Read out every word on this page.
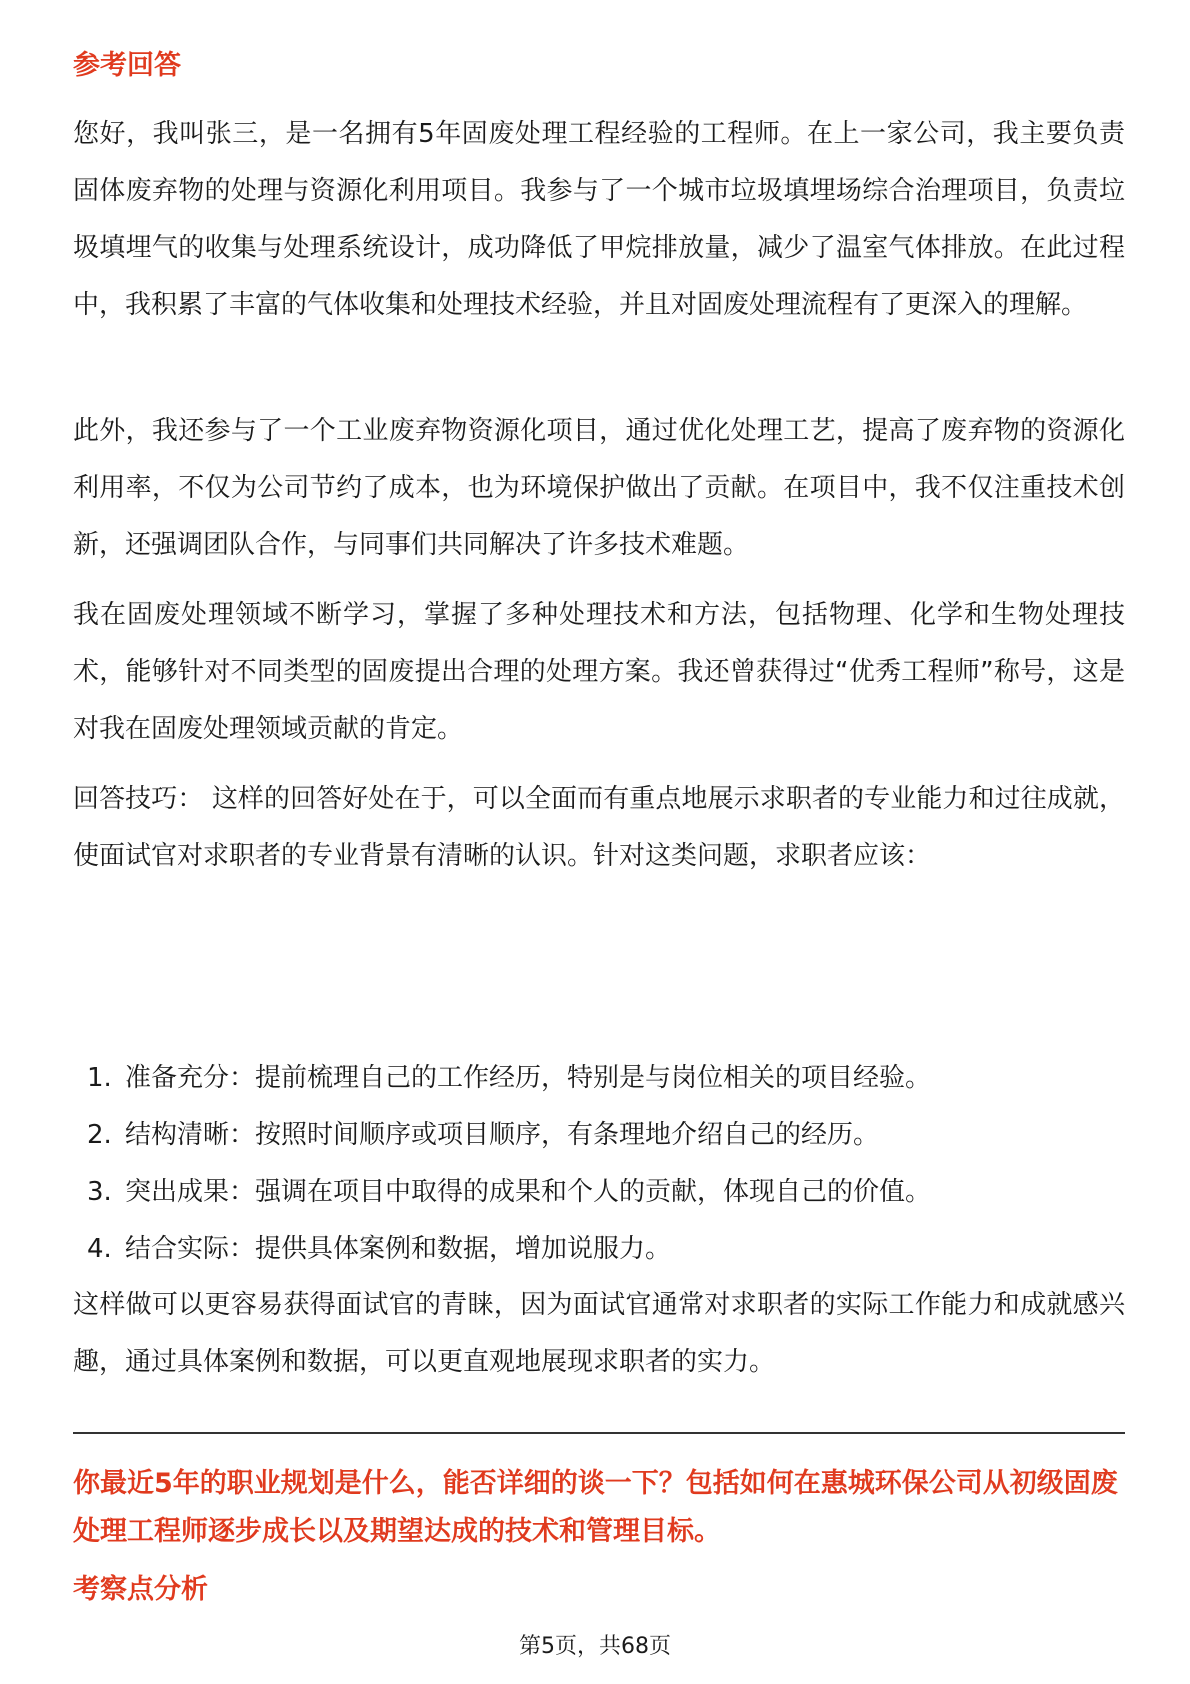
参考回答

您好，我叫张三，是一名拥有5年固废处理工程经验的工程师。在上一家公司，我主要负责固体废弃物的处理与资源化利用项目。我参与了一个城市垃圾填埋场综合治理项目，负责垃圾填埋气的收集与处理系统设计，成功降低了甲烷排放量，减少了温室气体排放。在此过程中，我积累了丰富的气体收集和处理技术经验，并且对固废处理流程有了更深入的理解。

此外，我还参与了一个工业废弃物资源化项目，通过优化处理工艺，提高了废弃物的资源化利用率，不仅为公司节约了成本，也为环境保护做出了贡献。在项目中，我不仅注重技术创新，还强调团队合作，与同事们共同解决了许多技术难题。

我在固废处理领域不断学习，掌握了多种处理技术和方法，包括物理、化学和生物处理技术，能够针对不同类型的固废提出合理的处理方案。我还曾获得过“优秀工程师”称号，这是对我在固废处理领域贡献的肯定。

回答技巧： 这样的回答好处在于，可以全面而有重点地展示求职者的专业能力和过往成就，使面试官对求职者的专业背景有清晰的认识。针对这类问题，求职者应该：

1. 准备充分：提前梳理自己的工作经历，特别是与岗位相关的项目经验。
2. 结构清晰：按照时间顺序或项目顺序，有条理地介绍自己的经历。
3. 突出成果：强调在项目中取得的成果和个人的贡献，体现自己的价值。
4. 结合实际：提供具体案例和数据，增加说服力。

这样做可以更容易获得面试官的青睐，因为面试官通常对求职者的实际工作能力和成就感兴趣，通过具体案例和数据，可以更直观地展现求职者的实力。

你最近5年的职业规划是什么，能否详细的谈一下？包括如何在惠城环保公司从初级固废处理工程师逐步成长以及期望达成的技术和管理目标。

考察点分析
第5页，共68页
